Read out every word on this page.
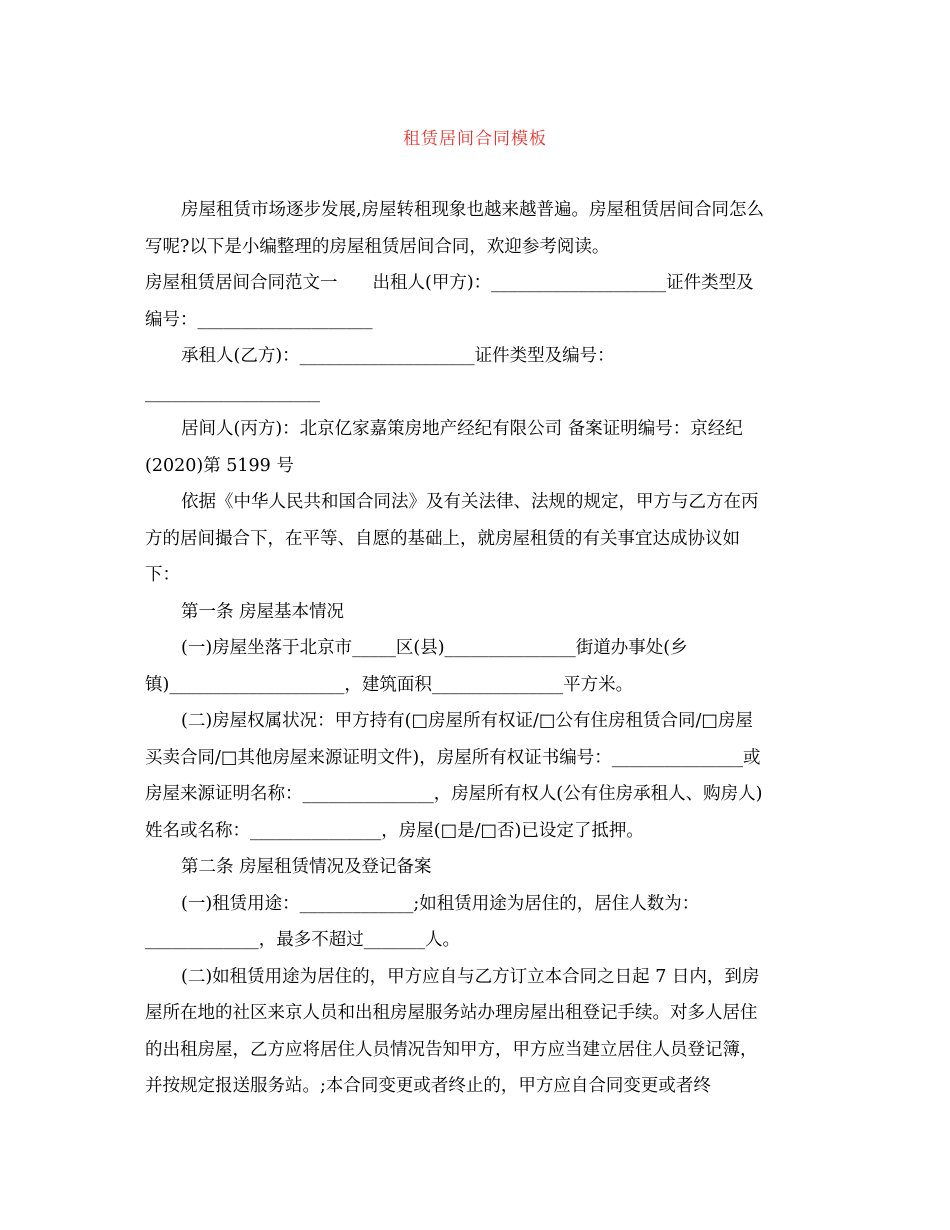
租赁居间合同模板
房屋租赁市场逐步发展,房屋转租现象也越来越普遍。房屋租赁居间合同怎么
写呢?以下是小编整理的房屋租赁居间合同，欢迎参考阅读。
房屋租赁居间合同范文一　　出租人(甲方)：____________________证件类型及
编号：____________________
承租人(乙方)：____________________证件类型及编号：
____________________
居间人(丙方)：北京亿家嘉策房地产经纪有限公司 备案证明编号：京经纪
(2020)第 5199 号
依据《中华人民共和国合同法》及有关法律、法规的规定，甲方与乙方在丙
方的居间撮合下，在平等、自愿的基础上，就房屋租赁的有关事宜达成协议如
下：
第一条 房屋基本情况
(一)房屋坐落于北京市_____区(县)_______________街道办事处(乡
镇)____________________，建筑面积_______________平方米。
(二)房屋权属状况：甲方持有(□房屋所有权证/□公有住房租赁合同/□房屋
买卖合同/□其他房屋来源证明文件)，房屋所有权证书编号：_______________或
房屋来源证明名称：_______________，房屋所有权人(公有住房承租人、购房人)
姓名或名称：_______________，房屋(□是/□否)已设定了抵押。
第二条 房屋租赁情况及登记备案
(一)租赁用途：_____________;如租赁用途为居住的，居住人数为：
_____________，最多不超过_______人。
(二)如租赁用途为居住的，甲方应自与乙方订立本合同之日起 7 日内，到房
屋所在地的社区来京人员和出租房屋服务站办理房屋出租登记手续。对多人居住
的出租房屋，乙方应将居住人员情况告知甲方，甲方应当建立居住人员登记簿，
并按规定报送服务站。;本合同变更或者终止的，甲方应自合同变更或者终
